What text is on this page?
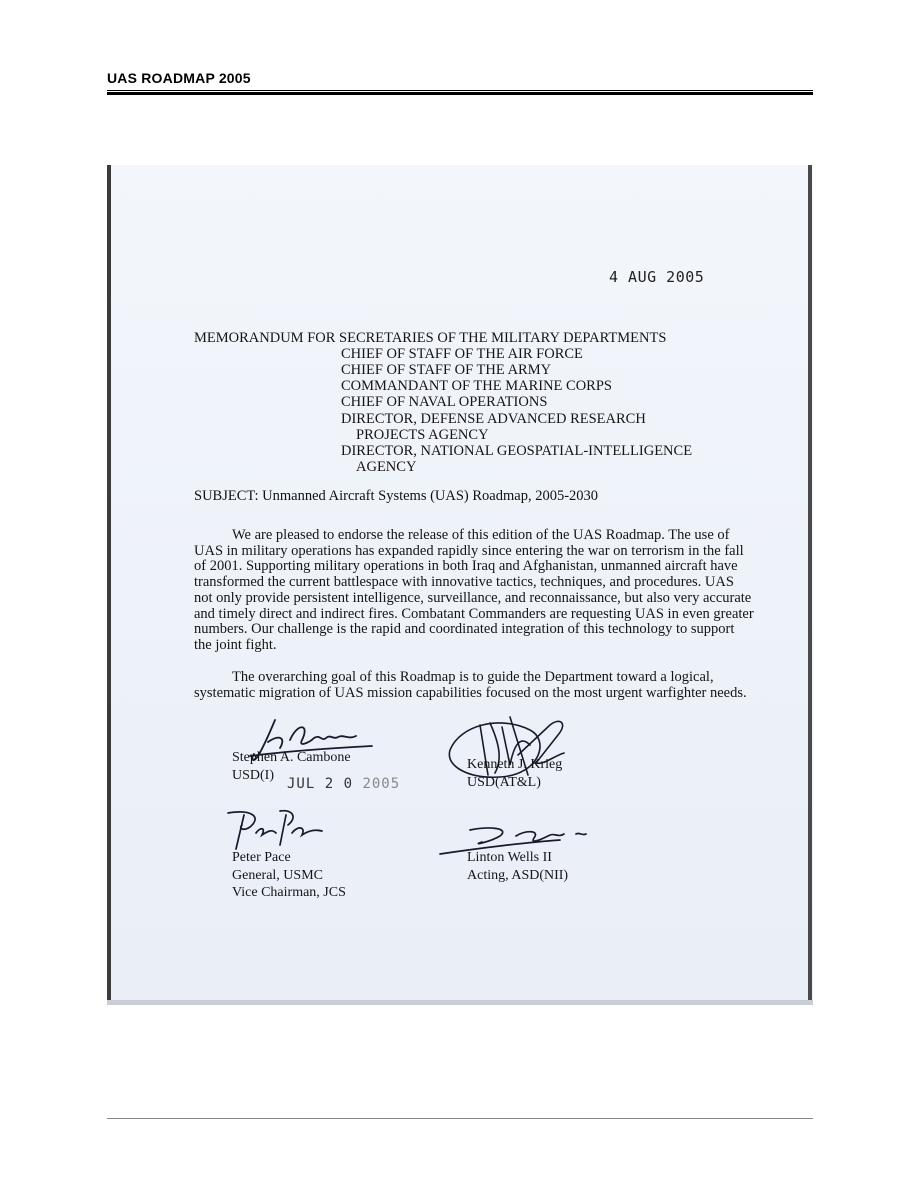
UAS ROADMAP 2005
4 AUG 2005
MEMORANDUM FOR SECRETARIES OF THE MILITARY DEPARTMENTS
CHIEF OF STAFF OF THE AIR FORCE
CHIEF OF STAFF OF THE ARMY
COMMANDANT OF THE MARINE CORPS
CHIEF OF NAVAL OPERATIONS
DIRECTOR, DEFENSE ADVANCED RESEARCH
PROJECTS AGENCY
DIRECTOR, NATIONAL GEOSPATIAL-INTELLIGENCE
AGENCY
SUBJECT: Unmanned Aircraft Systems (UAS) Roadmap, 2005-2030
We are pleased to endorse the release of this edition of the UAS Roadmap. The use of UAS in military operations has expanded rapidly since entering the war on terrorism in the fall of 2001. Supporting military operations in both Iraq and Afghanistan, unmanned aircraft have transformed the current battlespace with innovative tactics, techniques, and procedures. UAS not only provide persistent intelligence, surveillance, and reconnaissance, but also very accurate and timely direct and indirect fires. Combatant Commanders are requesting UAS in even greater numbers. Our challenge is the rapid and coordinated integration of this technology to support the joint fight.
The overarching goal of this Roadmap is to guide the Department toward a logical, systematic migration of UAS mission capabilities focused on the most urgent warfighter needs.
Stephen A. Cambone
USD(I)
JUL 2 0 2005
Kenneth J. Krieg
USD(AT&L)
Peter Pace
General, USMC
Vice Chairman, JCS
Linton Wells II
Acting, ASD(NII)
